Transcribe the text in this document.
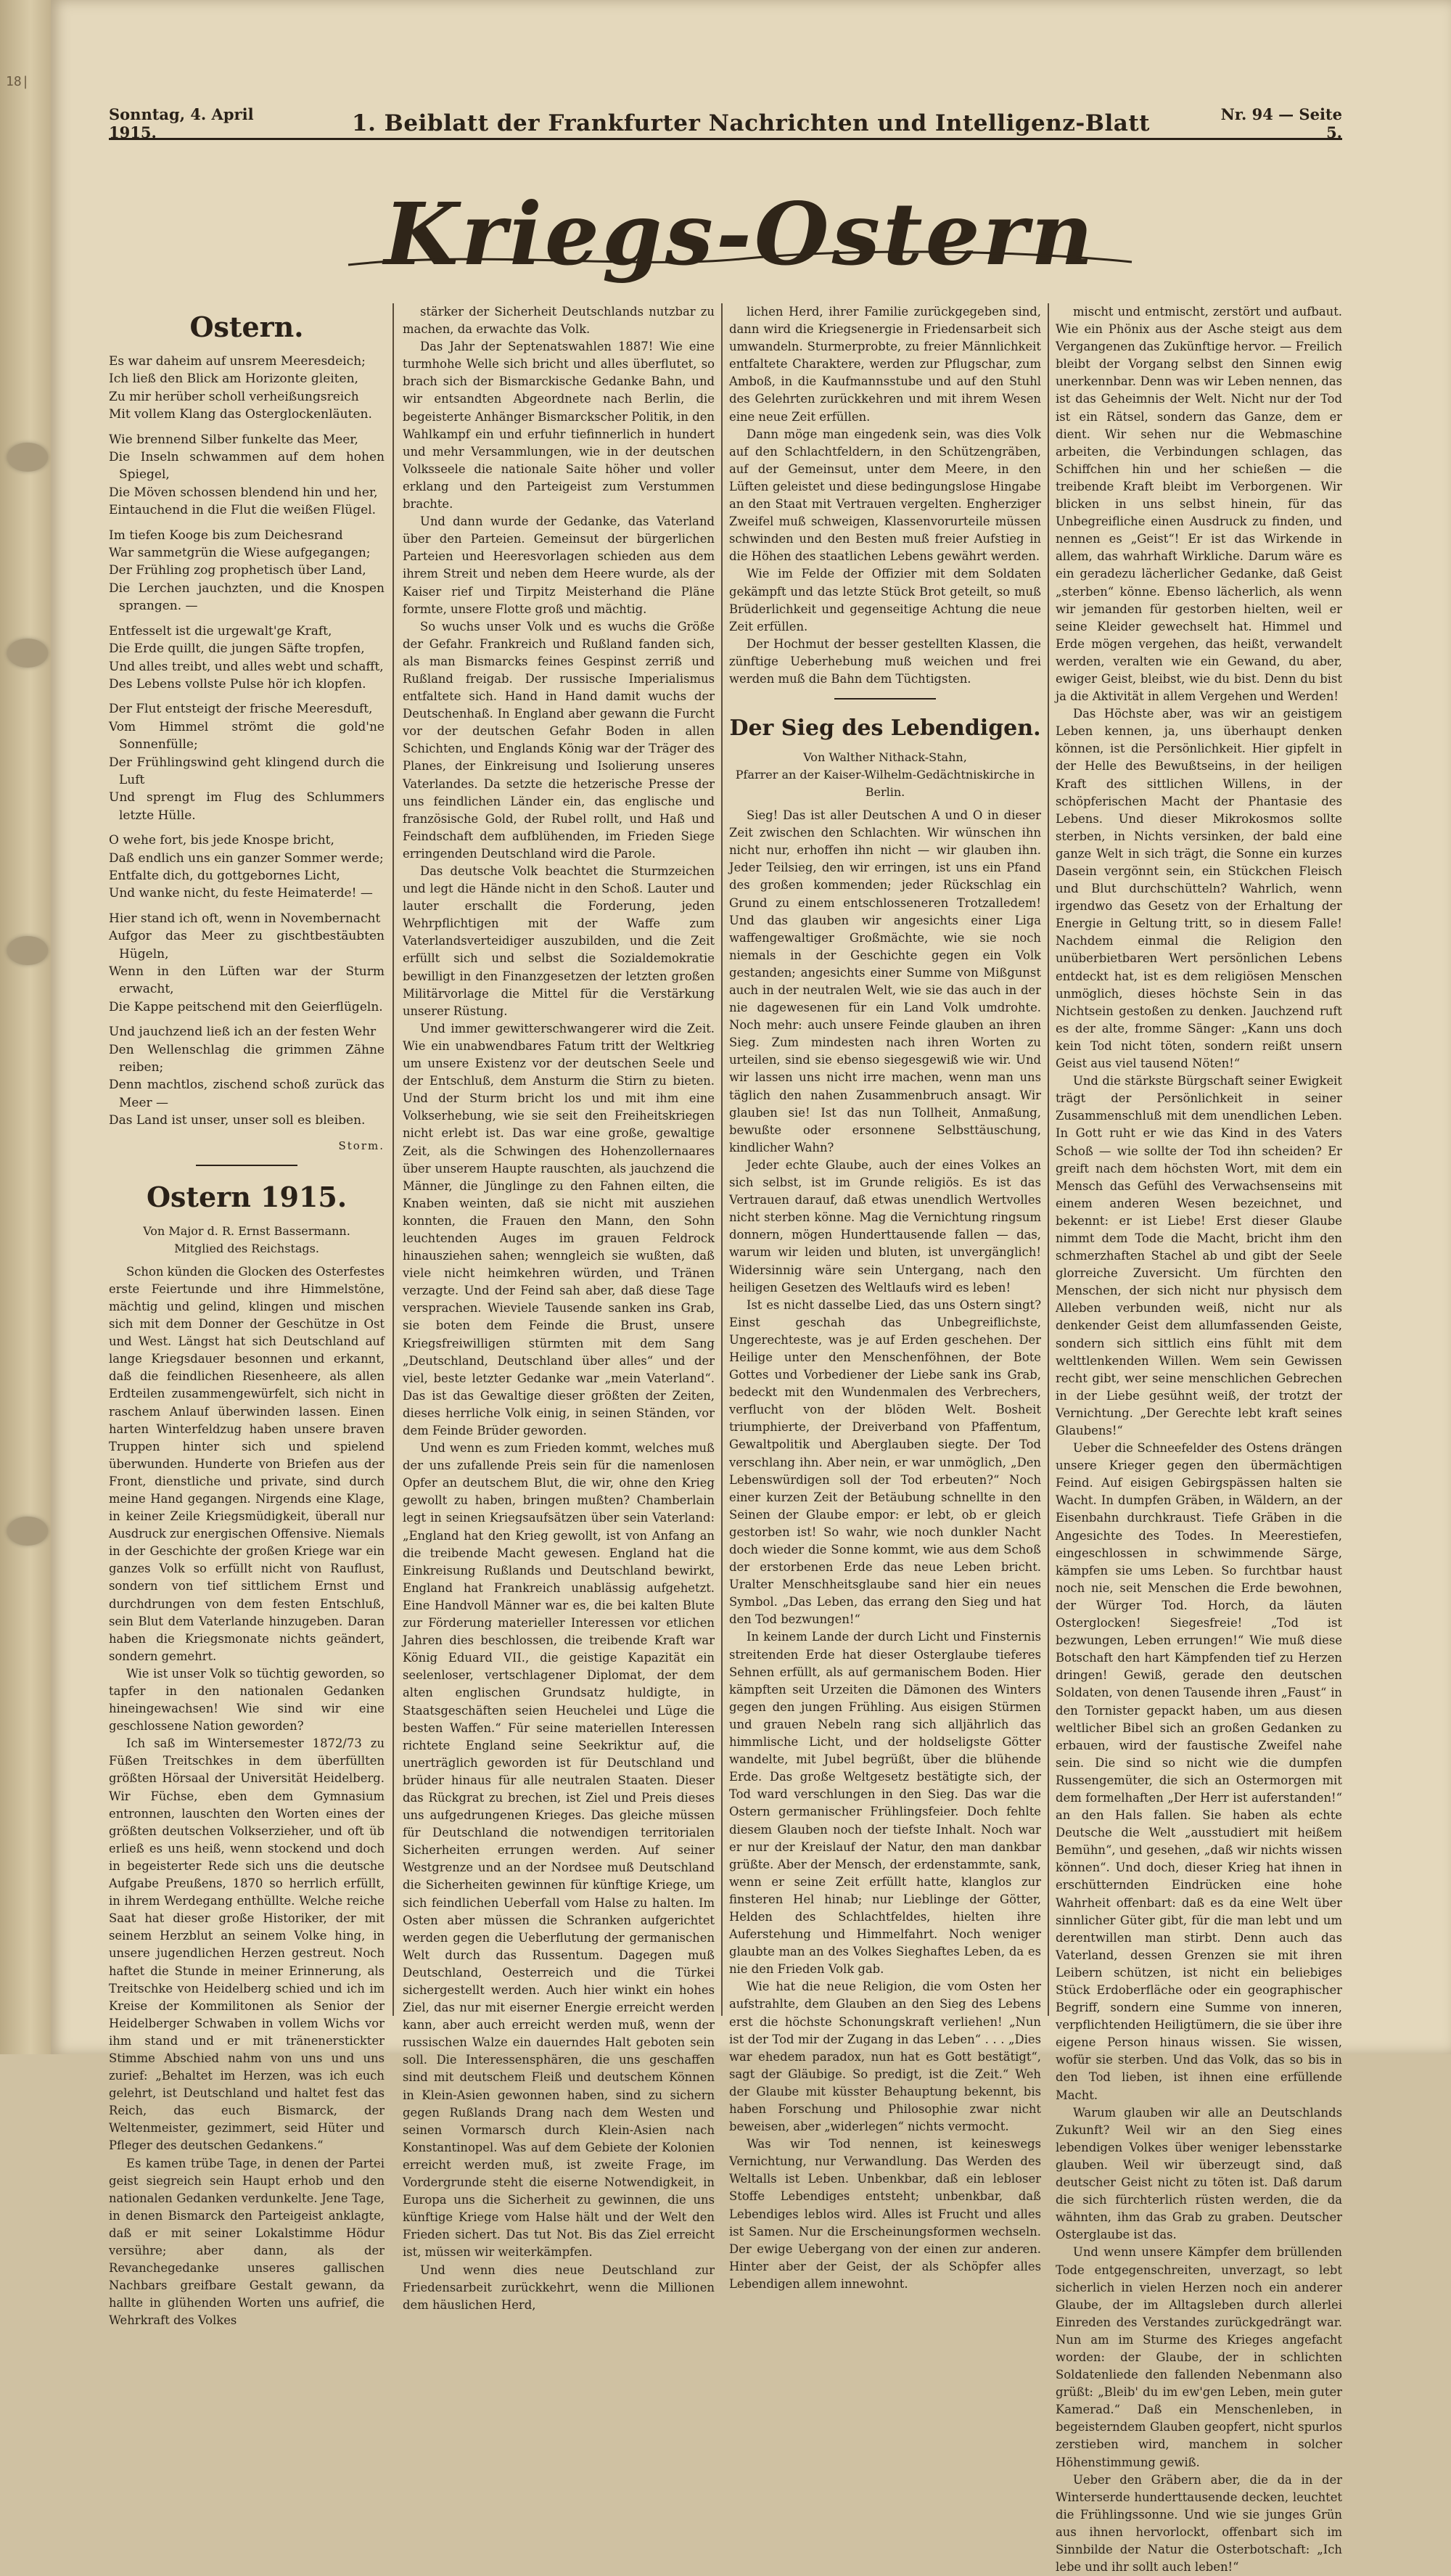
18|
Sonntag, 4. April 1915.	1. Beiblatt der Frankfurter Nachrichten und Intelligenz-Blatt	Nr. 94 — Seite 5.
Kriegs-Ostern
Ostern.
Es war daheim auf unsrem Meeresdeich;
Ich ließ den Blick am Horizonte gleiten,
Zu mir herüber scholl verheißungsreich
Mit vollem Klang das Osterglockenläuten.
Wie brennend Silber funkelte das Meer,
Die Inseln schwammen auf dem hohen Spiegel,
Die Möven schossen blendend hin und her,
Eintauchend in die Flut die weißen Flügel.
Im tiefen Kooge bis zum Deichesrand
War sammetgrün die Wiese aufgegangen;
Der Frühling zog prophetisch über Land,
Die Lerchen jauchzten, und die Knospen sprangen. —
Entfesselt ist die urgewalt'ge Kraft,
Die Erde quillt, die jungen Säfte tropfen,
Und alles treibt, und alles webt und schafft,
Des Lebens vollste Pulse hör ich klopfen.
Der Flut entsteigt der frische Meeresduft,
Vom Himmel strömt die gold'ne Sonnenfülle;
Der Frühlingswind geht klingend durch die Luft
Und sprengt im Flug des Schlummers letzte Hülle.
O wehe fort, bis jede Knospe bricht,
Daß endlich uns ein ganzer Sommer werde;
Entfalte dich, du gottgebornes Licht,
Und wanke nicht, du feste Heimaterde! —
Hier stand ich oft, wenn in Novembernacht
Aufgor das Meer zu gischtbestäubten Hügeln,
Wenn in den Lüften war der Sturm erwacht,
Die Kappe peitschend mit den Geierflügeln.
Und jauchzend ließ ich an der festen Wehr
Den Wellenschlag die grimmen Zähne reiben;
Denn machtlos, zischend schoß zurück das Meer —
Das Land ist unser, unser soll es bleiben.
Storm.
Ostern 1915.
Von Major d. R. Ernst Bassermann.
Mitglied des Reichstags.

Schon künden die Glocken des Osterfestes erste Feiertunde und ihre Himmelstöne, mächtig und gelind, klingen und mischen sich mit dem Donner der Geschütze in Ost und West. Längst hat sich Deutschland auf lange Kriegsdauer besonnen und erkannt, daß die feindlichen Riesenheere, als allen Erdteilen zusammengewürfelt, sich nicht in raschem Anlauf überwinden lassen. Einen harten Winterfeldzug haben unsere braven Truppen hinter sich und spielend überwunden. Hunderte von Briefen aus der Front, dienstliche und private, sind durch meine Hand gegangen. Nirgends eine Klage, in keiner Zeile Kriegsmüdigkeit, überall nur Ausdruck zur energischen Offensive. Niemals in der Geschichte der großen Kriege war ein ganzes Volk so erfüllt nicht von Rauflust, sondern von tief sittlichem Ernst und durchdrungen von dem festen Entschluß, sein Blut dem Vaterlande hinzugeben. Daran haben die Kriegsmonate nichts geändert, sondern gemehrt.

Wie ist unser Volk so tüchtig geworden, so tapfer in den nationalen Gedanken hineingewachsen! Wie sind wir eine geschlossene Nation geworden?

Ich saß im Wintersemester 1872/73 zu Füßen Treitschkes in dem überfüllten größten Hörsaal der Universität Heidelberg. Wir Füchse, eben dem Gymnasium entronnen, lauschten den Worten eines der größten deutschen Volkserzieher, und oft üb erließ es uns heiß, wenn stockend und doch in begeisterter Rede sich uns die deutsche Aufgabe Preußens, 1870 so herrlich erfüllt, in ihrem Werdegang enthüllte. Welche reiche Saat hat dieser große Historiker, der mit seinem Herzblut an seinem Volke hing, in unsere jugendlichen Herzen gestreut. Noch haftet die Stunde in meiner Erinnerung, als Treitschke von Heidelberg schied und ich im Kreise der Kommilitonen als Senior der Heidelberger Schwaben in vollem Wichs vor ihm stand und er mit tränenerstickter Stimme Abschied nahm von uns und uns zurief: „Behaltet im Herzen, was ich euch gelehrt, ist Deutschland und haltet fest das Reich, das euch Bismarck, der Weltenmeister, gezimmert, seid Hüter und Pfleger des deutschen Gedankens.“

Es kamen trübe Tage, in denen der Partei geist siegreich sein Haupt erhob und den nationalen Gedanken verdunkelte. Jene Tage, in denen Bismarck den Parteigeist anklagte, daß er mit seiner Lokalstimme Hödur versühre; aber dann, als der Revanchegedanke unseres gallischen Nachbars greifbare Gestalt gewann, da hallte in glühenden Worten uns aufrief, die Wehrkraft des Volkes

stärker der Sicherheit Deutschlands nutzbar zu machen, da erwachte das Volk.

Das Jahr der Septenatswahlen 1887! Wie eine turmhohe Welle sich bricht und alles überflutet, so brach sich der Bismarckische Gedanke Bahn, und wir entsandten Abgeordnete nach Berlin, die begeisterte Anhänger Bismarckscher Politik, in den Wahlkampf ein und erfuhr tiefinnerlich in hundert und mehr Versammlungen, wie in der deutschen Volksseele die nationale Saite höher und voller erklang und den Parteigeist zum Verstummen brachte.

Und dann wurde der Gedanke, das Vaterland über den Parteien. Gemeinsut der bürgerlichen Parteien und Heeresvorlagen schieden aus dem ihrem Streit und neben dem Heere wurde, als der Kaiser rief und Tirpitz Meisterhand die Pläne formte, unsere Flotte groß und mächtig.

So wuchs unser Volk und es wuchs die Größe der Gefahr. Frankreich und Rußland fanden sich, als man Bismarcks feines Gespinst zerriß und Rußland freigab. Der russische Imperialismus entfaltete sich. Hand in Hand damit wuchs der Deutschenhaß. In England aber gewann die Furcht vor der deutschen Gefahr Boden in allen Schichten, und Englands König war der Träger des Planes, der Einkreisung und Isolierung unseres Vaterlandes. Da setzte die hetzerische Presse der uns feindlichen Länder ein, das englische und französische Gold, der Rubel rollt, und Haß und Feindschaft dem aufblühenden, im Frieden Siege erringenden Deutschland wird die Parole.

Das deutsche Volk beachtet die Sturmzeichen und legt die Hände nicht in den Schoß. Lauter und lauter erschallt die Forderung, jeden Wehrpflichtigen mit der Waffe zum Vaterlandsverteidiger auszubilden, und die Zeit erfüllt sich und selbst die Sozialdemokratie bewilligt in den Finanzgesetzen der letzten großen Militärvorlage die Mittel für die Verstärkung unserer Rüstung.

Und immer gewitterschwangerer wird die Zeit. Wie ein unabwendbares Fatum tritt der Weltkrieg um unsere Existenz vor der deutschen Seele und der Entschluß, dem Ansturm die Stirn zu bieten. Und der Sturm bricht los und mit ihm eine Volkserhebung, wie sie seit den Freiheitskriegen nicht erlebt ist. Das war eine große, gewaltige Zeit, als die Schwingen des Hohenzollernaares über unserem Haupte rauschten, als jauchzend die Männer, die Jünglinge zu den Fahnen eilten, die Knaben weinten, daß sie nicht mit ausziehen konnten, die Frauen den Mann, den Sohn leuchtenden Auges im grauen Feldrock hinausziehen sahen; wenngleich sie wußten, daß viele nicht heimkehren würden, und Tränen verzagte. Und der Feind sah aber, daß diese Tage versprachen. Wieviele Tausende sanken ins Grab, sie boten dem Feinde die Brust, unsere Kriegsfreiwilligen stürmten mit dem Sang „Deutschland, Deutschland über alles“ und der viel, beste letzter Gedanke war „mein Vaterland“. Das ist das Gewaltige dieser größten der Zeiten, dieses herrliche Volk einig, in seinen Ständen, vor dem Feinde Brüder geworden.

Und wenn es zum Frieden kommt, welches muß der uns zufallende Preis sein für die namenlosen Opfer an deutschem Blut, die wir, ohne den Krieg gewollt zu haben, bringen mußten? Chamberlain legt in seinen Kriegsaufsätzen über sein Vaterland: „England hat den Krieg gewollt, ist von Anfang an die treibende Macht gewesen. England hat die Einkreisung Rußlands und Deutschland bewirkt, England hat Frankreich unablässig aufgehetzt. Eine Handvoll Männer war es, die bei kalten Blute zur Förderung materieller Interessen vor etlichen Jahren dies beschlossen, die treibende Kraft war König Eduard VII., die geistige Kapazität ein seelenloser, vertschlagener Diplomat, der dem alten englischen Grundsatz huldigte, in Staatsgeschäften seien Heuchelei und Lüge die besten Waffen.“ Für seine materiellen Interessen richtete England seine Seekriktur auf, die unerträglich geworden ist für Deutschland und brüder hinaus für alle neutralen Staaten. Dieser das Rückgrat zu brechen, ist Ziel und Preis dieses uns aufgedrungenen Krieges. Das gleiche müssen für Deutschland die notwendigen territorialen Sicherheiten errungen werden. Auf seiner Westgrenze und an der Nordsee muß Deutschland die Sicherheiten gewinnen für künftige Kriege, um sich feindlichen Ueberfall vom Halse zu halten. Im Osten aber müssen die Schranken aufgerichtet werden gegen die Ueberflutung der germanischen Welt durch das Russentum. Dagegen muß Deutschland, Oesterreich und die Türkei sichergestellt werden. Auch hier winkt ein hohes Ziel, das nur mit eiserner Energie erreicht werden kann, aber auch erreicht werden muß, wenn der russischen Walze ein dauerndes Halt geboten sein soll. Die Interessensphären, die uns geschaffen sind mit deutschem Fleiß und deutschem Können in Klein-Asien gewonnen haben, sind zu sichern gegen Rußlands Drang nach dem Westen und seinen Vormarsch durch Klein-Asien nach Konstantinopel. Was auf dem Gebiete der Kolonien erreicht werden muß, ist zweite Frage, im Vordergrunde steht die eiserne Notwendigkeit, in Europa uns die Sicherheit zu gewinnen, die uns künftige Kriege vom Halse hält und der Welt den Frieden sichert. Das tut Not. Bis das Ziel erreicht ist, müssen wir weiterkämpfen.

Und wenn dies neue Deutschland zur Friedensarbeit zurückkehrt, wenn die Millionen dem häuslichen Herd,

lichen Herd, ihrer Familie zurückgegeben sind, dann wird die Kriegsenergie in Friedensarbeit sich umwandeln. Sturmerprobte, zu freier Männlichkeit entfaltete Charaktere, werden zur Pflugschar, zum Amboß, in die Kaufmannsstube und auf den Stuhl des Gelehrten zurückkehren und mit ihrem Wesen eine neue Zeit erfüllen.

Dann möge man eingedenk sein, was dies Volk auf den Schlachtfeldern, in den Schützengräben, auf der Gemeinsut, unter dem Meere, in den Lüften geleistet und diese bedingungslose Hingabe an den Staat mit Vertrauen vergelten. Engherziger Zweifel muß schweigen, Klassenvorurteile müssen schwinden und den Besten muß freier Aufstieg in die Höhen des staatlichen Lebens gewährt werden.

Wie im Felde der Offizier mit dem Soldaten gekämpft und das letzte Stück Brot geteilt, so muß Brüderlichkeit und gegenseitige Achtung die neue Zeit erfüllen.

Der Hochmut der besser gestellten Klassen, die zünftige Ueberhebung muß weichen und frei werden muß die Bahn dem Tüchtigsten.

Der Sieg des Lebendigen.
Von Walther Nithack-Stahn,
Pfarrer an der Kaiser-Wilhelm-Gedächtniskirche in Berlin.

Sieg! Das ist aller Deutschen A und O in dieser Zeit zwischen den Schlachten. Wir wünschen ihn nicht nur, erhoffen ihn nicht — wir glauben ihn. Jeder Teilsieg, den wir erringen, ist uns ein Pfand des großen kommenden; jeder Rückschlag ein Grund zu einem entschlosseneren Trotzalledem! Und das glauben wir angesichts einer Liga waffengewaltiger Großmächte, wie sie noch niemals in der Geschichte gegen ein Volk gestanden; angesichts einer Summe von Mißgunst auch in der neutralen Welt, wie sie das auch in der nie dagewesenen für ein Land Volk umdrohte. Noch mehr: auch unsere Feinde glauben an ihren Sieg. Zum mindesten nach ihren Worten zu urteilen, sind sie ebenso siegesgewiß wie wir. Und wir lassen uns nicht irre machen, wenn man uns täglich den nahen Zusammenbruch ansagt. Wir glauben sie! Ist das nun Tollheit, Anmaßung, bewußte oder ersonnene Selbsttäuschung, kindlicher Wahn?

Jeder echte Glaube, auch der eines Volkes an sich selbst, ist im Grunde religiös. Es ist das Vertrauen darauf, daß etwas unendlich Wertvolles nicht sterben könne. Mag die Vernichtung ringsum donnern, mögen Hunderttausende fallen — das, warum wir leiden und bluten, ist unvergänglich! Widersinnig wäre sein Untergang, nach den heiligen Gesetzen des Weltlaufs wird es leben!

Ist es nicht dasselbe Lied, das uns Ostern singt? Einst geschah das Unbegreiflichste, Ungerechteste, was je auf Erden geschehen. Der Heilige unter den Menschenföhnen, der Bote Gottes und Vorbediener der Liebe sank ins Grab, bedeckt mit den Wundenmalen des Verbrechers, verflucht von der blöden Welt. Bosheit triumphierte, der Dreiverband von Pfaffentum, Gewaltpolitik und Aberglauben siegte. Der Tod verschlang ihn. Aber nein, er war unmöglich, „Den Lebenswürdigen soll der Tod erbeuten?“ Noch einer kurzen Zeit der Betäubung schnellte in den Seinen der Glaube empor: er lebt, ob er gleich gestorben ist! So wahr, wie noch dunkler Nacht doch wieder die Sonne kommt, wie aus dem Schoß der erstorbenen Erde das neue Leben bricht. Uralter Menschheitsglaube sand hier ein neues Symbol. „Das Leben, das errang den Sieg und hat den Tod bezwungen!“

In keinem Lande der durch Licht und Finsternis streitenden Erde hat dieser Osterglaube tieferes Sehnen erfüllt, als auf germanischem Boden. Hier kämpften seit Urzeiten die Dämonen des Winters gegen den jungen Frühling. Aus eisigen Stürmen und grauen Nebeln rang sich alljährlich das himmlische Licht, und der holdseligste Götter wandelte, mit Jubel begrüßt, über die blühende Erde. Das große Weltgesetz bestätigte sich, der Tod ward verschlungen in den Sieg. Das war die Ostern germanischer Frühlingsfeier. Doch fehlte diesem Glauben noch der tiefste Inhalt. Noch war er nur der Kreislauf der Natur, den man dankbar grüßte. Aber der Mensch, der erdenstammte, sank, wenn er seine Zeit erfüllt hatte, klanglos zur finsteren Hel hinab; nur Lieblinge der Götter, Helden des Schlachtfeldes, hielten ihre Auferstehung und Himmelfahrt. Noch weniger glaubte man an des Volkes Sieghaftes Leben, da es nie den Frieden Volk gab.

Wie hat die neue Religion, die vom Osten her aufstrahlte, dem Glauben an den Sieg des Lebens erst die höchste Schonungskraft verliehen! „Nun ist der Tod mir der Zugang in das Leben“ . . . „Dies war ehedem paradox, nun hat es Gott bestätigt“, sagt der Gläubige. So predigt, ist die Zeit.“ Weh der Glaube mit küsster Behauptung bekennt, bis haben Forschung und Philosophie zwar nicht beweisen, aber „widerlegen“ nichts vermocht.

Was wir Tod nennen, ist keineswegs Vernichtung, nur Verwandlung. Das Werden des Weltalls ist Leben. Unbenkbar, daß ein lebloser Stoffe Lebendiges entsteht; unbenkbar, daß Lebendiges leblos wird. Alles ist Frucht und alles ist Samen. Nur die Erscheinungsformen wechseln. Der ewige Uebergang von der einen zur anderen. Hinter aber der Geist, der als Schöpfer alles Lebendigen allem innewohnt.

mischt und entmischt, zerstört und aufbaut. Wie ein Phönix aus der Asche steigt aus dem Vergangenen das Zukünftige hervor. — Freilich bleibt der Vorgang selbst den Sinnen ewig unerkennbar. Denn was wir Leben nennen, das ist das Geheimnis der Welt. Nicht nur der Tod ist ein Rätsel, sondern das Ganze, dem er dient. Wir sehen nur die Webmaschine arbeiten, die Verbindungen schlagen, das Schiffchen hin und her schießen — die treibende Kraft bleibt im Verborgenen. Wir blicken in uns selbst hinein, für das Unbegreifliche einen Ausdruck zu finden, und nennen es „Geist“! Er ist das Wirkende in allem, das wahrhaft Wirkliche. Darum wäre es ein geradezu lächerlicher Gedanke, daß Geist „sterben“ könne. Ebenso lächerlich, als wenn wir jemanden für gestorben hielten, weil er seine Kleider gewechselt hat. Himmel und Erde mögen vergehen, das heißt, verwandelt werden, veralten wie ein Gewand, du aber, ewiger Geist, bleibst, wie du bist. Denn du bist ja die Aktivität in allem Vergehen und Werden!

Das Höchste aber, was wir an geistigem Leben kennen, ja, uns überhaupt denken können, ist die Persönlichkeit. Hier gipfelt in der Helle des Bewußtseins, in der heiligen Kraft des sittlichen Willens, in der schöpferischen Macht der Phantasie des Lebens. Und dieser Mikrokosmos sollte sterben, in Nichts versinken, der bald eine ganze Welt in sich trägt, die Sonne ein kurzes Dasein vergönnt sein, ein Stückchen Fleisch und Blut durchschütteln? Wahrlich, wenn irgendwo das Gesetz von der Erhaltung der Energie in Geltung tritt, so in diesem Falle! Nachdem einmal die Religion den unüberbietbaren Wert persönlichen Lebens entdeckt hat, ist es dem religiösen Menschen unmöglich, dieses höchste Sein in das Nichtsein gestoßen zu denken. Jauchzend ruft es der alte, fromme Sänger: „Kann uns doch kein Tod nicht töten, sondern reißt unsern Geist aus viel tausend Nöten!“

Und die stärkste Bürgschaft seiner Ewigkeit trägt der Persönlichkeit in seiner Zusammenschluß mit dem unendlichen Leben. In Gott ruht er wie das Kind in des Vaters Schoß — wie sollte der Tod ihn scheiden? Er greift nach dem höchsten Wort, mit dem ein Mensch das Gefühl des Verwachsenseins mit einem anderen Wesen bezeichnet, und bekennt: er ist Liebe! Erst dieser Glaube nimmt dem Tode die Macht, bricht ihm den schmerzhaften Stachel ab und gibt der Seele glorreiche Zuversicht. Um fürchten den Menschen, der sich nicht nur physisch dem Alleben verbunden weiß, nicht nur als denkender Geist dem allumfassenden Geiste, sondern sich sittlich eins fühlt mit dem welttlenkenden Willen. Wem sein Gewissen recht gibt, wer seine menschlichen Gebrechen in der Liebe gesühnt weiß, der trotzt der Vernichtung. „Der Gerechte lebt kraft seines Glaubens!“

Ueber die Schneefelder des Ostens drängen unsere Krieger gegen den übermächtigen Feind. Auf eisigen Gebirgspässen halten sie Wacht. In dumpfen Gräben, in Wäldern, an der Eisenbahn durchkraust. Tiefe Gräben in die Angesichte des Todes. In Meerestiefen, eingeschlossen in schwimmende Särge, kämpfen sie ums Leben. So furchtbar haust noch nie, seit Menschen die Erde bewohnen, der Würger Tod. Horch, da läuten Osterglocken! Siegesfreie! „Tod ist bezwungen, Leben errungen!“ Wie muß diese Botschaft den hart Kämpfenden tief zu Herzen dringen! Gewiß, gerade den deutschen Soldaten, von denen Tausende ihren „Faust“ in den Tornister gepackt haben, um aus diesen weltlicher Bibel sich an großen Gedanken zu erbauen, wird der faustische Zweifel nahe sein. Die sind so nicht wie die dumpfen Russengemüter, die sich an Ostermorgen mit dem formelhaften „Der Herr ist auferstanden!“ an den Hals fallen. Sie haben als echte Deutsche die Welt „ausstudiert mit heißem Bemühn“, und gesehen, „daß wir nichts wissen können“. Und doch, dieser Krieg hat ihnen in erschütternden Eindrücken eine hohe Wahrheit offenbart: daß es da eine Welt über sinnlicher Güter gibt, für die man lebt und um derentwillen man stirbt. Denn auch das Vaterland, dessen Grenzen sie mit ihren Leibern schützen, ist nicht ein beliebiges Stück Erdoberfläche oder ein geographischer Begriff, sondern eine Summe von inneren, verpflichtenden Heiligtümern, die sie über ihre eigene Person hinaus wissen. Sie wissen, wofür sie sterben. Und das Volk, das so bis in den Tod lieben, ist ihnen eine erfüllende Macht.

Warum glauben wir alle an Deutschlands Zukunft? Weil wir an den Sieg eines lebendigen Volkes über weniger lebensstarke glauben. Weil wir überzeugt sind, daß deutscher Geist nicht zu töten ist. Daß darum die sich fürchterlich rüsten werden, die da wähnten, ihm das Grab zu graben. Deutscher Osterglaube ist das.

Und wenn unsere Kämpfer dem brüllenden Tode entgegenschreiten, unverzagt, so lebt sicherlich in vielen Herzen noch ein anderer Glaube, der im Alltagsleben durch allerlei Einreden des Verstandes zurückgedrängt war. Nun am im Sturme des Krieges angefacht worden: der Glaube, der in schlichten Soldatenliede den fallenden Nebenmann also grüßt: „Bleib' du im ew'gen Leben, mein guter Kamerad.“ Daß ein Menschenleben, in begeisterndem Glauben geopfert, nicht spurlos zerstieben wird, manchem in solcher Höhenstimmung gewiß.

Ueber den Gräbern aber, die da in der Winterserde hunderttausende decken, leuchtet die Frühlingssonne. Und wie sie junges Grün aus ihnen hervorlockt, offenbart sich im Sinnbilde der Natur die Osterbotschaft: „Ich lebe und ihr sollt auch leben!“
